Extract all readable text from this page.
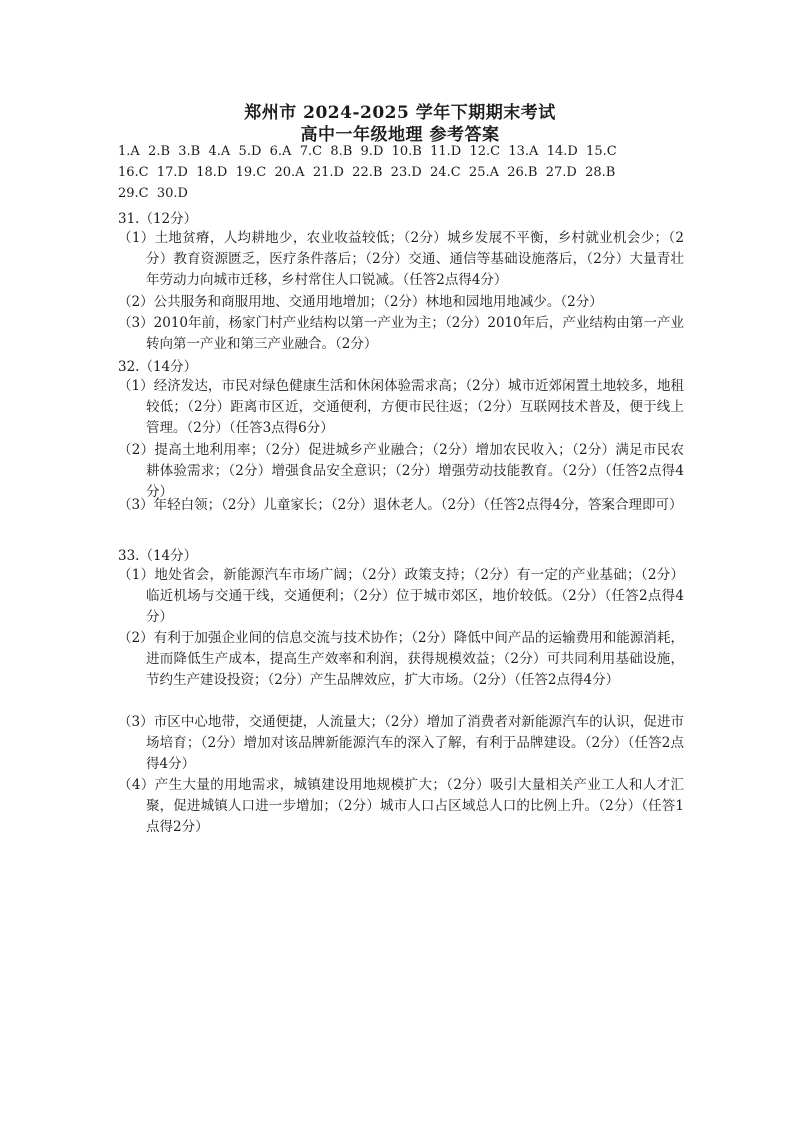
郑州市 2024-2025 学年下期期末考试
高中一年级地理 参考答案
1.A  2.B  3.B  4.A  5.D  6.A  7.C  8.B  9.D  10.B  11.D  12.C  13.A  14.D  15.C
16.C  17.D  18.D  19.C  20.A  21.D  22.B  23.D  24.C  25.A  26.B  27.D  28.B
29.C  30.D
31.（12分）
（1）土地贫瘠，人均耕地少，农业收益较低；（2分）城乡发展不平衡，乡村就业机会少；（2分）教育资源匮乏，医疗条件落后；（2分）交通、通信等基础设施落后，（2分）大量青壮年劳动力向城市迁移，乡村常住人口锐减。（任答2点得4分）
（2）公共服务和商服用地、交通用地增加；（2分）林地和园地用地减少。（2分）
（3）2010年前，杨家门村产业结构以第一产业为主；（2分）2010年后，产业结构由第一产业转向第一产业和第三产业融合。（2分）
32.（14分）
（1）经济发达，市民对绿色健康生活和休闲体验需求高；（2分）城市近郊闲置土地较多，地租较低；（2分）距离市区近，交通便利，方便市民往返；（2分）互联网技术普及，便于线上管理。（2分）（任答3点得6分）
（2）提高土地利用率；（2分）促进城乡产业融合；（2分）增加农民收入；（2分）满足市民农耕体验需求；（2分）增强食品安全意识；（2分）增强劳动技能教育。（2分）（任答2点得4分）
（3）年轻白领；（2分）儿童家长；（2分）退休老人。（2分）（任答2点得4分，答案合理即可）
33.（14分）
（1）地处省会，新能源汽车市场广阔；（2分）政策支持；（2分）有一定的产业基础；（2分）临近机场与交通干线，交通便利；（2分）位于城市郊区，地价较低。（2分）（任答2点得4分）
（2）有利于加强企业间的信息交流与技术协作；（2分）降低中间产品的运输费用和能源消耗，进而降低生产成本，提高生产效率和利润，获得规模效益；（2分）可共同利用基础设施，节约生产建设投资；（2分）产生品牌效应，扩大市场。（2分）（任答2点得4分）
（3）市区中心地带，交通便捷，人流量大；（2分）增加了消费者对新能源汽车的认识，促进市场培育；（2分）增加对该品牌新能源汽车的深入了解，有利于品牌建设。（2分）（任答2点得4分）
（4）产生大量的用地需求，城镇建设用地规模扩大；（2分）吸引大量相关产业工人和人才汇聚，促进城镇人口进一步增加；（2分）城市人口占区域总人口的比例上升。（2分）（任答1点得2分）
